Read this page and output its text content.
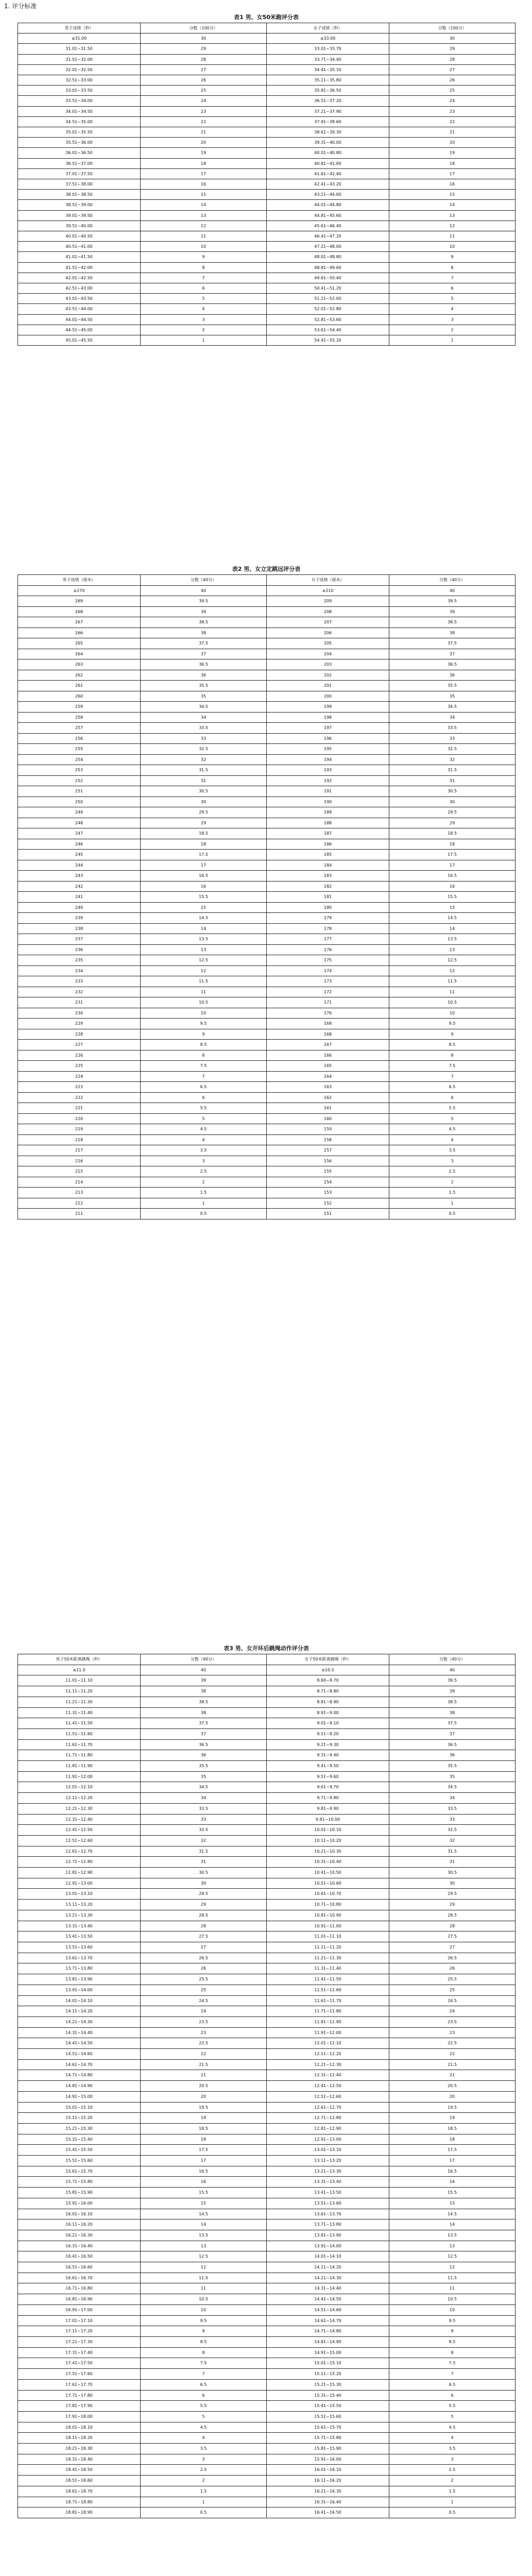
1. 评分标准
表1 男、女50米跑评分表
男子成绩（秒）	分数（100分）	女子成绩（秒）	分数（100分）
≤31.00	30	≤33.00	30
31.01~31.50	29	33.01~33.70	29
31.51~32.00	28	33.71~34.40	28
32.01~32.50	27	34.41~35.10	27
32.51~33.00	26	35.11~35.80	26
33.01~33.50	25	35.81~36.50	25
33.51~34.00	24	36.51~37.20	24
34.01~34.50	23	37.21~37.90	23
34.51~35.00	22	37.91~38.60	22
35.01~35.50	21	38.61~39.30	21
35.51~36.00	20	39.31~40.00	20
36.01~36.50	19	40.01~40.80	19
36.51~37.00	18	40.81~41.60	18
37.01~37.50	17	41.61~42.40	17
37.51~38.00	16	42.41~43.20	16
38.01~38.50	15	43.21~44.00	15
38.51~39.00	14	44.01~44.80	14
39.01~39.50	13	44.81~45.60	13
39.51~40.00	12	45.61~46.40	12
40.01~40.50	11	46.41~47.20	11
40.51~41.00	10	47.21~48.00	10
41.01~41.50	9	48.01~48.80	9
41.51~42.00	8	48.81~49.60	8
42.01~42.50	7	49.61~50.40	7
42.51~43.00	6	50.41~51.20	6
43.01~43.50	5	51.21~52.00	5
43.51~44.00	4	52.01~52.80	4
44.01~44.50	3	52.81~53.60	3
44.51~45.00	2	53.61~54.40	2
45.01~45.50	1	54.41~55.20	1
表2 男、女立定跳远评分表
男子成绩（厘米）	分数（40分）	女子成绩（厘米）	分数（40分）
≥270	40	≥210	40
269	39.5	209	39.5
268	39	208	39
267	38.5	207	38.5
266	38	206	38
265	37.5	205	37.5
264	37	204	37
263	36.5	203	36.5
262	36	202	36
261	35.5	201	35.5
260	35	200	35
259	34.5	199	34.5
258	34	198	34
257	33.5	197	33.5
256	33	196	33
255	32.5	195	32.5
254	32	194	32
253	31.5	193	31.5
252	31	192	31
251	30.5	191	30.5
250	30	190	30
249	29.5	189	29.5
248	29	188	29
247	18.5	187	18.5
246	18	186	18
245	17.5	185	17.5
244	17	184	17
243	16.5	183	16.5
242	16	182	16
241	15.5	181	15.5
240	15	180	15
239	14.5	179	14.5
238	14	178	14
237	13.5	177	13.5
236	13	176	13
235	12.5	175	12.5
234	12	174	12
233	11.5	173	11.5
232	11	172	11
231	10.5	171	10.5
230	10	170	10
229	9.5	169	9.5
228	9	168	9
227	8.5	167	8.5
226	8	166	8
225	7.5	165	7.5
224	7	164	7
223	6.5	163	6.5
222	6	162	6
221	5.5	161	5.5
220	5	160	5
219	4.5	159	4.5
218	4	158	4
217	3.5	157	3.5
216	3	156	3
215	2.5	155	2.5
214	2	154	2
213	1.5	153	1.5
212	1	152	1
211	0.5	151	0.5
表3 男、女开环后跳绳动作评分表
男子50米距离跳绳（秒）	分数（40分）	女子50米距离跳绳（秒）	分数（40分）
≤11.0	40	≤10.5	40
11.01~11.10	39	8.60~8.70	39.5
11.11~11.20	38	8.71~8.80	39
11.21~11.30	38.5	8.81~8.90	38.5
11.31~11.40	38	8.91~9.00	38
11.41~11.50	37.5	9.01~9.10	37.5
11.51~11.60	37	9.11~9.20	37
11.61~11.70	36.5	9.21~9.30	36.5
11.71~11.80	36	9.31~9.40	36
11.81~11.90	35.5	9.41~9.50	35.5
11.91~12.00	35	9.51~9.60	35
12.01~12.10	34.5	9.61~9.70	34.5
12.11~12.20	34	9.71~9.80	34
12.21~12.30	33.5	9.81~9.90	33.5
12.31~12.40	33	9.91~10.00	33
12.41~12.50	32.5	10.01~10.10	32.5
12.51~12.60	32	10.11~10.20	32
12.61~12.70	31.5	10.21~10.30	31.5
12.71~12.80	31	10.31~10.40	31
12.81~12.90	30.5	10.41~10.50	30.5
12.91~13.00	30	10.51~10.60	30
13.01~13.10	29.5	10.61~10.70	29.5
13.11~13.20	29	10.71~10.80	29
13.21~13.30	28.5	10.81~10.90	28.5
13.31~13.40	28	10.91~11.00	28
13.41~13.50	27.5	11.01~11.10	27.5
13.51~13.60	27	11.11~11.20	27
13.61~13.70	26.5	11.21~11.30	26.5
13.71~13.80	26	11.31~11.40	26
13.81~13.90	25.5	11.41~11.50	25.5
13.91~14.00	25	11.51~11.60	25
14.01~14.10	24.5	11.61~11.70	24.5
14.11~14.20	24	11.71~11.80	24
14.21~14.30	23.5	11.81~11.90	23.5
14.31~14.40	23	11.91~12.00	23
14.41~14.50	22.5	12.01~12.10	22.5
14.51~14.60	22	12.11~12.20	22
14.61~14.70	21.5	12.21~12.30	21.5
14.71~14.80	21	12.31~12.40	21
14.81~14.90	20.5	12.41~12.50	20.5
14.91~15.00	20	12.51~12.60	20
15.01~15.10	19.5	12.61~12.70	19.5
15.11~15.20	19	12.71~12.80	19
15.21~15.30	18.5	12.81~12.90	18.5
15.31~15.40	18	12.91~13.00	18
15.41~15.50	17.5	13.01~13.10	17.5
15.51~15.60	17	13.11~13.20	17
15.61~15.70	16.5	13.21~13.30	16.5
15.71~15.80	16	13.31~13.40	16
15.81~15.90	15.5	13.41~13.50	15.5
15.91~16.00	15	13.51~13.60	15
16.01~16.10	14.5	13.61~13.70	14.5
16.11~16.20	14	13.71~13.80	14
16.21~16.30	13.5	13.81~13.90	13.5
16.31~16.40	13	13.91~14.00	13
16.41~16.50	12.5	14.01~14.10	12.5
16.51~16.60	12	14.11~14.20	12
16.61~16.70	11.5	14.21~14.30	11.5
16.71~16.80	11	14.31~14.40	11
16.81~16.90	10.5	14.41~14.50	10.5
16.91~17.00	10	14.51~14.60	10
17.01~17.10	9.5	14.61~14.70	9.5
17.11~17.20	9	14.71~14.80	9
17.21~17.30	8.5	14.81~14.90	8.5
17.31~17.40	8	14.91~15.00	8
17.41~17.50	7.5	15.01~15.10	7.5
17.51~17.60	7	15.11~15.20	7
17.61~17.70	6.5	15.21~15.30	6.5
17.71~17.80	6	15.31~15.40	6
17.81~17.90	5.5	15.41~15.50	5.5
17.91~18.00	5	15.51~15.60	5
18.01~18.10	4.5	15.61~15.70	4.5
18.11~18.20	4	15.71~15.80	4
18.21~18.30	3.5	15.81~15.90	3.5
18.31~18.40	3	15.91~16.00	3
18.41~18.50	2.5	16.01~16.10	2.5
18.51~18.60	2	16.11~16.20	2
18.61~18.70	1.5	16.21~16.30	1.5
18.71~18.80	1	16.31~16.40	1
18.81~18.90	0.5	16.41~16.50	0.5
